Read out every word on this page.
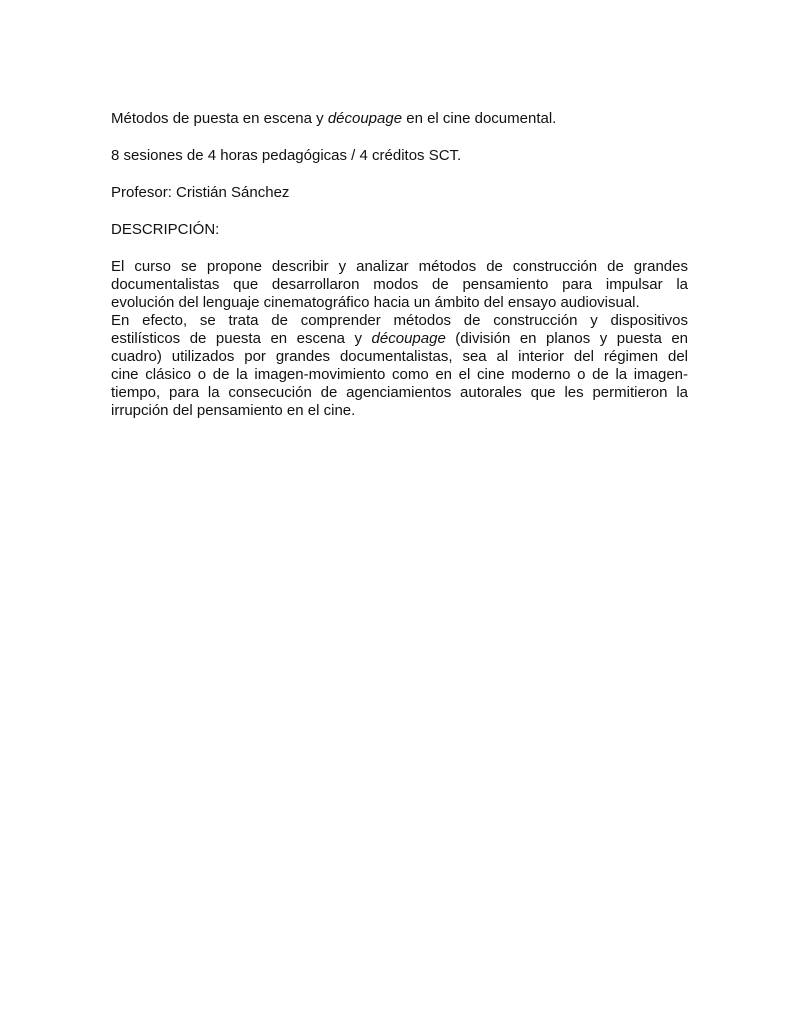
Métodos de puesta en escena y découpage en el cine documental.

8 sesiones de 4 horas pedagógicas / 4 créditos SCT.

Profesor: Cristián Sánchez

DESCRIPCIÓN:

El curso se propone describir y analizar métodos de construcción de grandes
documentalistas que desarrollaron modos de pensamiento para impulsar la
evolución del lenguaje cinematográfico hacia un ámbito del ensayo audiovisual.
En efecto, se trata de comprender métodos de construcción y dispositivos
estilísticos de puesta en escena y découpage (división en planos y puesta en
cuadro) utilizados por grandes documentalistas, sea al interior del régimen del
cine clásico o de la imagen-movimiento como en el cine moderno o de la imagen-
tiempo, para la consecución de agenciamientos autorales que les permitieron la
irrupción del pensamiento en el cine.
